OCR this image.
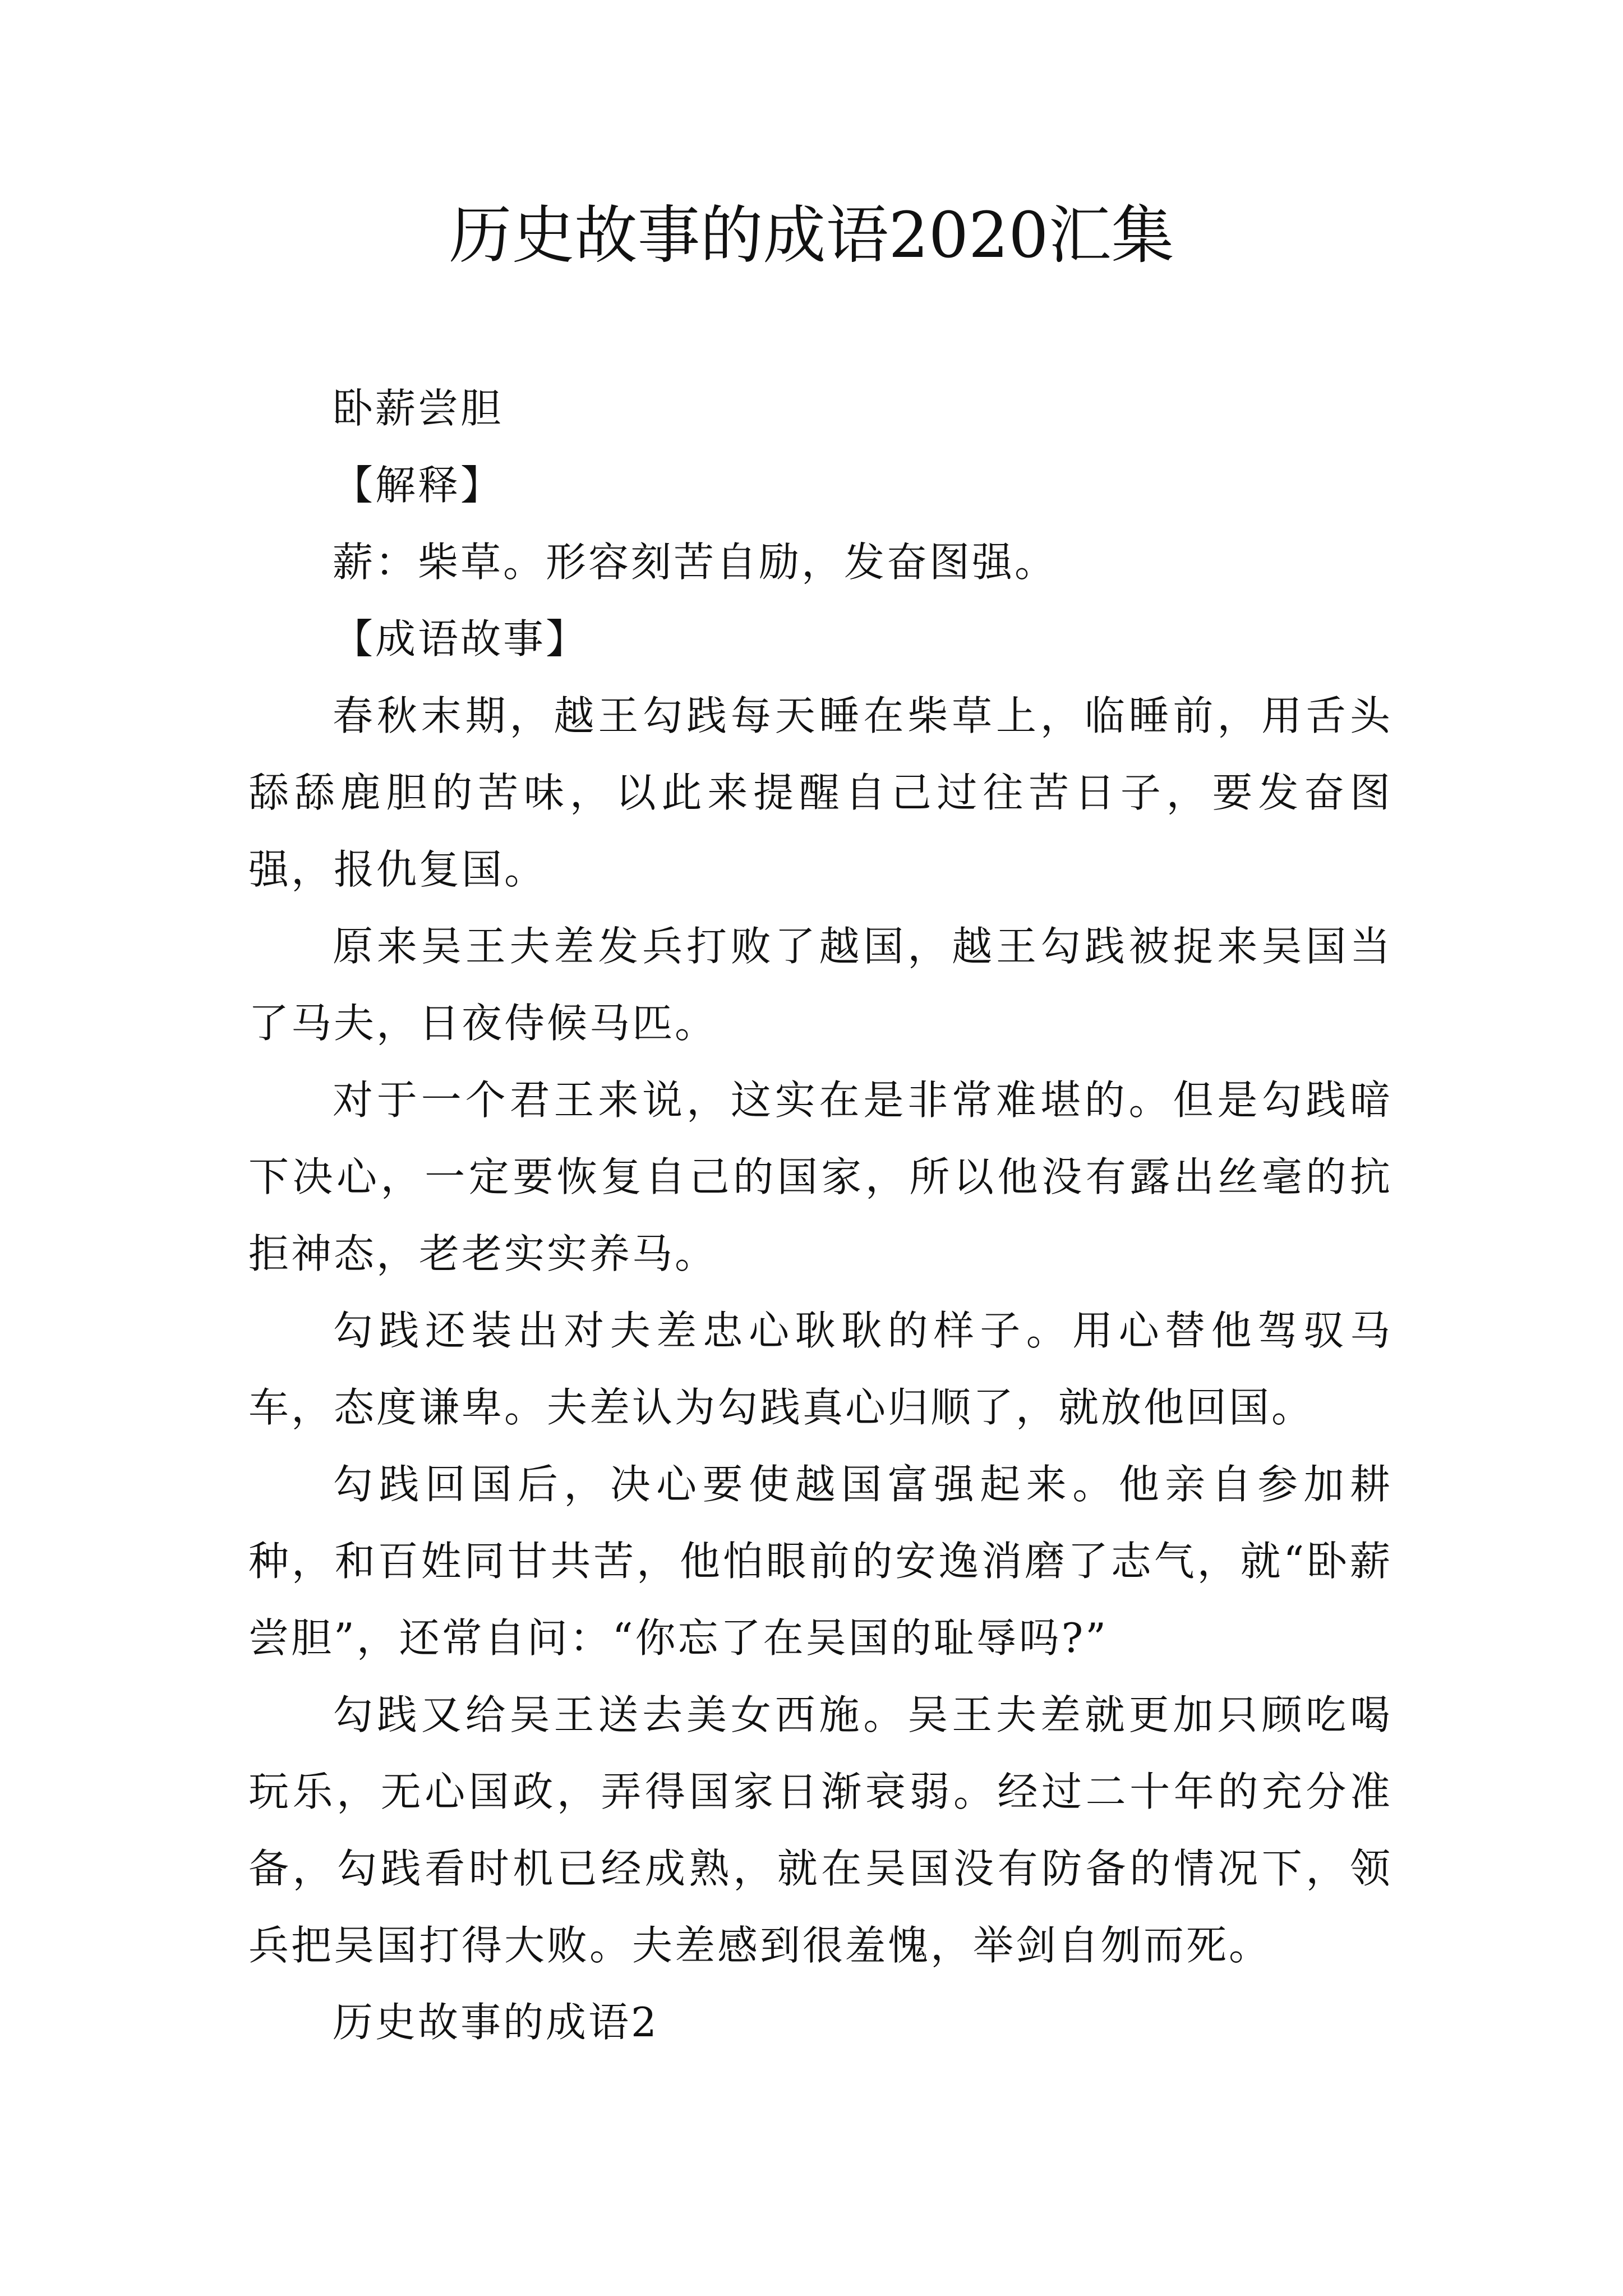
历史故事的成语2020汇集

卧薪尝胆

【解释】

薪：柴草。形容刻苦自励，发奋图强。

【成语故事】

春秋末期，越王勾践每天睡在柴草上，临睡前，用舌头舔舔鹿胆的苦味，以此来提醒自己过往苦日子，要发奋图强，报仇复国。

原来吴王夫差发兵打败了越国，越王勾践被捉来吴国当了马夫，日夜侍候马匹。

对于一个君王来说，这实在是非常难堪的。但是勾践暗下决心，一定要恢复自己的国家，所以他没有露出丝毫的抗拒神态，老老实实养马。

勾践还装出对夫差忠心耿耿的样子。用心替他驾驭马车，态度谦卑。夫差认为勾践真心归顺了，就放他回国。

勾践回国后，决心要使越国富强起来。他亲自参加耕种，和百姓同甘共苦，他怕眼前的安逸消磨了志气，就“卧薪尝胆”，还常自问：“你忘了在吴国的耻辱吗?”

勾践又给吴王送去美女西施。吴王夫差就更加只顾吃喝玩乐，无心国政，弄得国家日渐衰弱。经过二十年的充分准备，勾践看时机已经成熟，就在吴国没有防备的情况下，领兵把吴国打得大败。夫差感到很羞愧，举剑自刎而死。

历史故事的成语2
